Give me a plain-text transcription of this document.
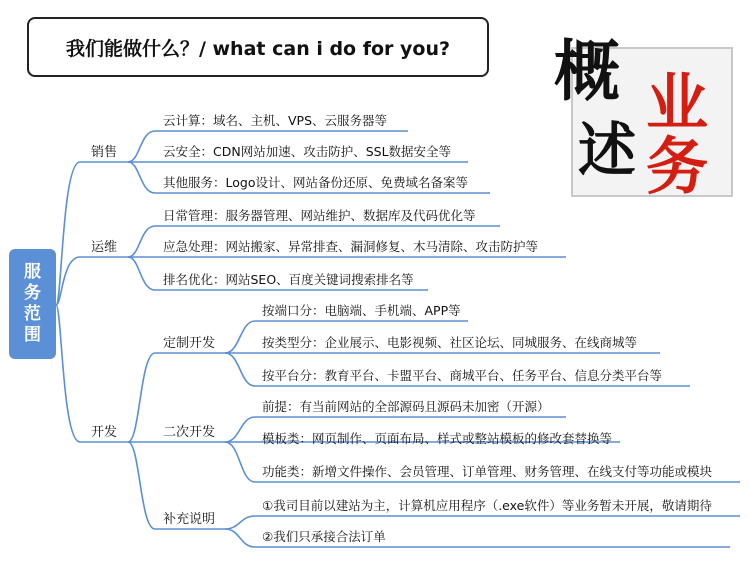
我们能做什么？/ what can i do for you? 概
述
业
务
服
务
范
围
销售
运维
开发
云计算：域名、主机、VPS、云服务器等
云安全：CDN网站加速、攻击防护、SSL数据安全等
其他服务：Logo设计、网站备份还原、免费域名备案等
日常管理：服务器管理、网站维护、数据库及代码优化等
应急处理：网站搬家、异常排查、漏洞修复、木马清除、攻击防护等
排名优化：网站SEO、百度关键词搜索排名等
定制开发
二次开发
补充说明
按端口分：电脑端、手机端、APP等
按类型分：企业展示、电影视频、社区论坛、同城服务、在线商城等
按平台分：教育平台、卡盟平台、商城平台、任务平台、信息分类平台等
前提：有当前网站的全部源码且源码未加密（开源）
模板类：网页制作、页面布局、样式或整站模板的修改套替换等
功能类：新增文件操作、会员管理、订单管理、财务管理、在线支付等功能或模块
①我司目前以建站为主，计算机应用程序（.exe软件）等业务暂未开展，敬请期待
②我们只承接合法订单
